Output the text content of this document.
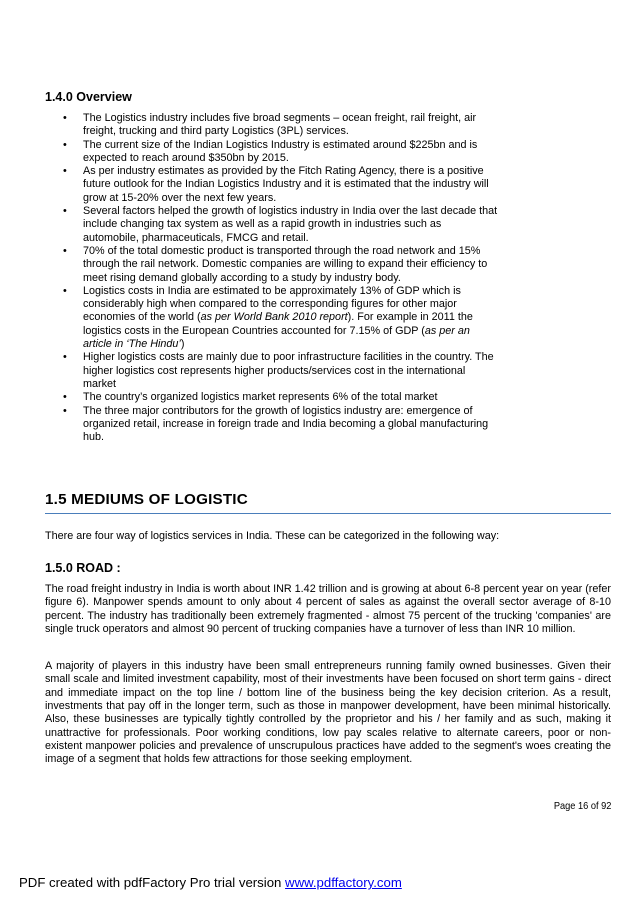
1.4.0 Overview
• The Logistics industry includes five broad segments – ocean freight, rail freight, air freight, trucking and third party Logistics (3PL) services.
• The current size of the Indian Logistics Industry is estimated around $225bn and is expected to reach around $350bn by 2015.
• As per industry estimates as provided by the Fitch Rating Agency, there is a positive future outlook for the Indian Logistics Industry and it is estimated that the industry will grow at 15-20% over the next few years.
• Several factors helped the growth of logistics industry in India over the last decade that include changing tax system as well as a rapid growth in industries such as automobile, pharmaceuticals, FMCG and retail.
• 70% of the total domestic product is transported through the road network and 15% through the rail network. Domestic companies are willing to expand their efficiency to meet rising demand globally according to a study by industry body.
• Logistics costs in India are estimated to be approximately 13% of GDP which is considerably high when compared to the corresponding figures for other major economies of the world (as per World Bank 2010 report). For example in 2011 the logistics costs in the European Countries accounted for 7.15% of GDP (as per an article in ‘The Hindu’)
• Higher logistics costs are mainly due to poor infrastructure facilities in the country. The higher logistics cost represents higher products/services cost in the international market
• The country’s organized logistics market represents 6% of the total market
• The three major contributors for the growth of logistics industry are: emergence of organized retail, increase in foreign trade and India becoming a global manufacturing hub.
1.5 MEDIUMS OF LOGISTIC

There are four way of logistics services in India. These can be categorized in the following way:

1.5.0 ROAD :

The road freight industry in India is worth about INR 1.42 trillion and is growing at about 6-8 percent year on year (refer figure 6). Manpower spends amount to only about 4 percent of sales as against the overall sector average of 8-10 percent. The industry has traditionally been extremely fragmented - almost 75 percent of the trucking 'companies' are single truck operators and almost 90 percent of trucking companies have a turnover of less than INR 10 million.

A majority of players in this industry have been small entrepreneurs running family owned businesses. Given their small scale and limited investment capability, most of their investments have been focused on short term gains - direct and immediate impact on the top line / bottom line of the business being the key decision criterion. As a result, investments that pay off in the longer term, such as those in manpower development, have been minimal historically. Also, these businesses are typically tightly controlled by the proprietor and his / her family and as such, making it unattractive for professionals. Poor working conditions, low pay scales relative to alternate careers, poor or non-existent manpower policies and prevalence of unscrupulous practices have added to the segment's woes creating the image of a segment that holds few attractions for those seeking employment.

Page 16 of 92
PDF created with pdfFactory Pro trial version www.pdffactory.com
